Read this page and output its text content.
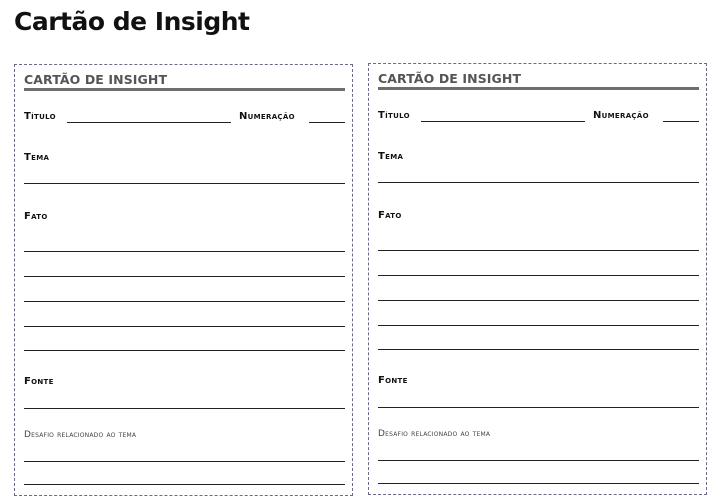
Cartão de Insight
CARTÃO DE INSIGHT
Título	Numeração
Tema
Fato
Fonte
Desafio relacionado ao tema
CARTÃO DE INSIGHT
Título	Numeração
Tema
Fato
Fonte
Desafio relacionado ao tema
